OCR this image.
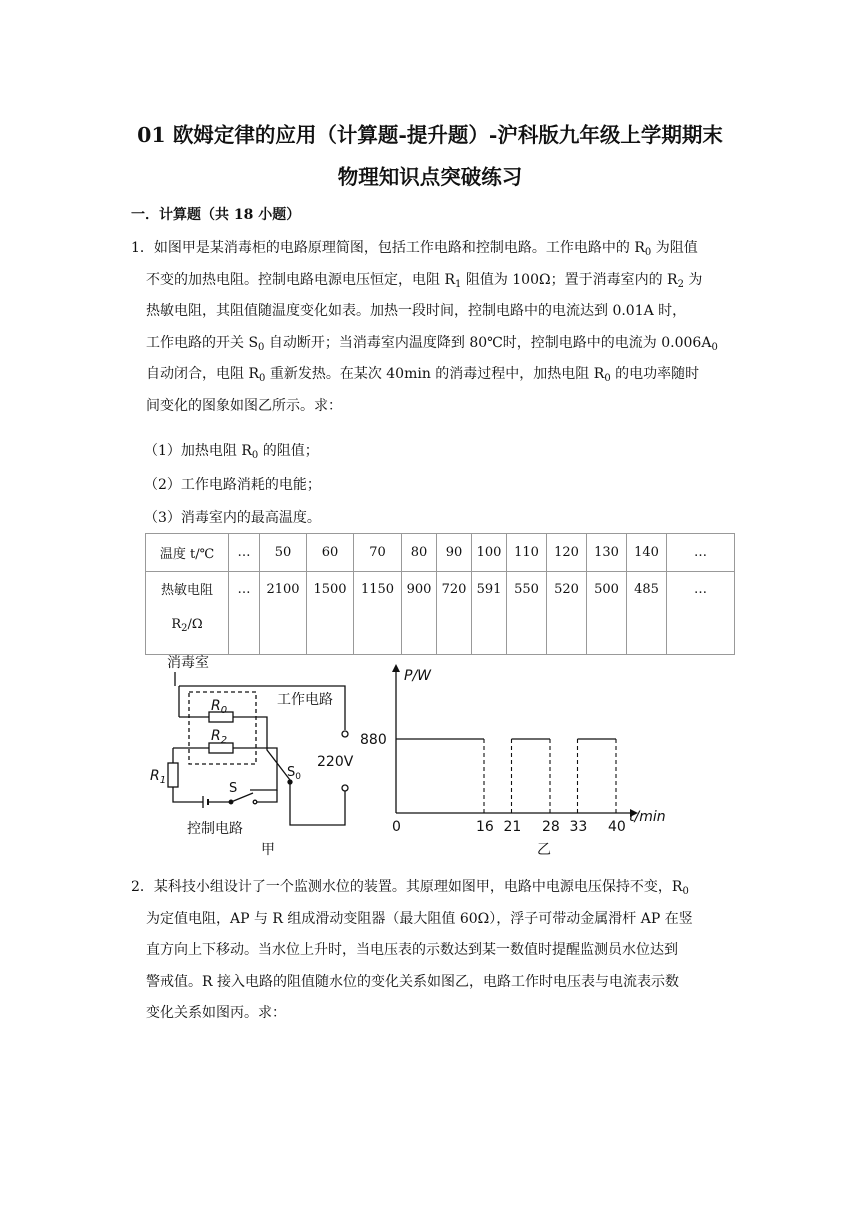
01 欧姆定律的应用（计算题-提升题）-沪科版九年级上学期期末
物理知识点突破练习
一．计算题（共 18 小题）
1．如图甲是某消毒柜的电路原理简图，包括工作电路和控制电路。工作电路中的 $R_0$ 为阻值
不变的加热电阻。控制电路电源电压恒定，电阻 $R_1$ 阻值为 100Ω；置于消毒室内的 $R_2$ 为
热敏电阻，其阻值随温度变化如表。加热一段时间，控制电路中的电流达到 0.01A 时，
工作电路的开关 $S_0$ 自动断开；当消毒室内温度降到 80℃时，控制电路中的电流为 $0.006A_0$
自动闭合，电阻 $R_0$ 重新发热。在某次 40min 的消毒过程中，加热电阻 $R_0$ 的电功率随时
间变化的图象如图乙所示。求：
（1）加热电阻 $R_0$ 的阻值；
（2）工作电路消耗的电能；
（3）消毒室内的最高温度。
温度 t/℃	…	50	60	70	80	90	100	110	120	130	140	…
热敏电阻
$R_2/\Omega$	…	2100	1500	1150	900	720	591	550	520	500	485	…
消毒室
工作电路
$R_0$
220V
$S_0$
$R_2$
$R_1$
S
控制电路
甲
P/W
t/min
880
0	16 21 28 33 40
乙
2．某科技小组设计了一个监测水位的装置。其原理如图甲，电路中电源电压保持不变，$R_0$
为定值电阻，AP 与 R 组成滑动变阻器（最大阻值 60Ω），浮子可带动金属滑杆 AP 在竖
直方向上下移动。当水位上升时，当电压表的示数达到某一数值时提醒监测员水位达到
警戒值。R 接入电路的阻值随水位的变化关系如图乙，电路工作时电压表与电流表示数
变化关系如图丙。求：
